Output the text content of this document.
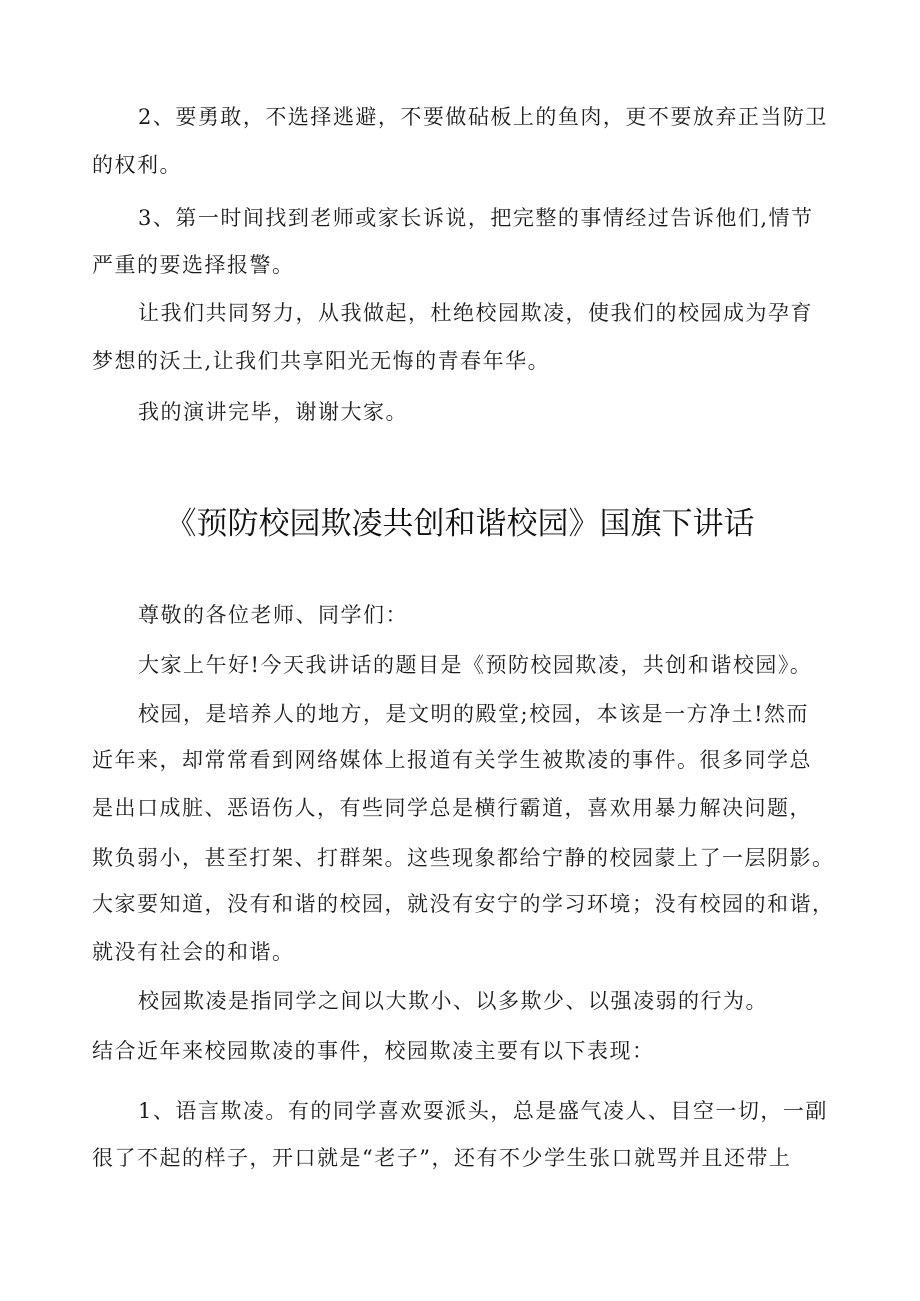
2、要勇敢，不选择逃避，不要做砧板上的鱼肉，更不要放弃正当防卫
的权利。
3、第一时间找到老师或家长诉说，把完整的事情经过告诉他们,情节
严重的要选择报警。
让我们共同努力，从我做起，杜绝校园欺凌，使我们的校园成为孕育
梦想的沃土,让我们共享阳光无悔的青春年华。
我的演讲完毕，谢谢大家。
《预防校园欺凌共创和谐校园》国旗下讲话
尊敬的各位老师、同学们：
大家上午好!今天我讲话的题目是《预防校园欺凌，共创和谐校园》。
校园，是培养人的地方，是文明的殿堂;校园，本该是一方净土!然而
近年来，却常常看到网络媒体上报道有关学生被欺凌的事件。很多同学总
是出口成脏、恶语伤人，有些同学总是横行霸道，喜欢用暴力解决问题，
欺负弱小，甚至打架、打群架。这些现象都给宁静的校园蒙上了一层阴影。
大家要知道，没有和谐的校园，就没有安宁的学习环境；没有校园的和谐，
就没有社会的和谐。
校园欺凌是指同学之间以大欺小、以多欺少、以强凌弱的行为。
结合近年来校园欺凌的事件，校园欺凌主要有以下表现：
1、语言欺凌。有的同学喜欢耍派头，总是盛气凌人、目空一切，一副
很了不起的样子，开口就是“老子”，还有不少学生张口就骂并且还带上
